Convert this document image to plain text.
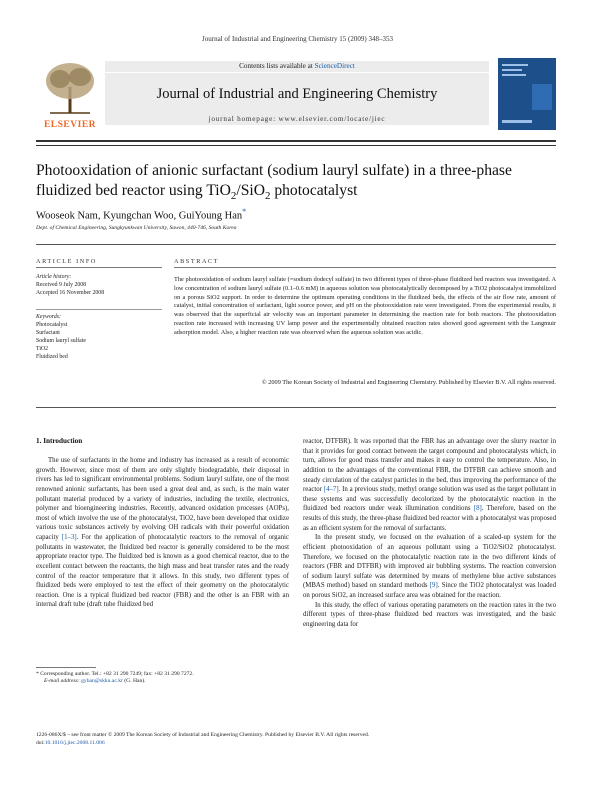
Journal of Industrial and Engineering Chemistry 15 (2009) 348–353
ELSEVIER
Contents lists available at ScienceDirect
Journal of Industrial and Engineering Chemistry
journal homepage: www.elsevier.com/locate/jiec
Photooxidation of anionic surfactant (sodium lauryl sulfate) in a three-phase
fluidized bed reactor using TiO$_2$/SiO$_2$ photocatalyst
Wooseok Nam, Kyungchan Woo, GuiYoung Han*
Dept. of Chemical Engineering, Sungkyunkwan University, Suwon, 440-746, South Korea
ARTICLE INFO
Article history:
Received 9 July 2008
Accepted 16 November 2008
Keywords:
Photocatalyst
Surfactant
Sodium lauryl sulfate
TiO2
Fluidized bed
ABSTRACT
The photooxidation of sodium lauryl sulfate (=sodium dodecyl sulfate) in two different types of three-phase fluidized bed reactors was investigated. A low concentration of sodium lauryl sulfate (0.1–0.6 mM) in aqueous solution was photocatalytically decomposed by a TiO2 photocatalyst immobilized on a porous SiO2 support. In order to determine the optimum operating conditions in the fluidized beds, the effects of the air flow rate, amount of catalyst, initial concentration of surfactant, light source power, and pH on the photooxidation rate were investigated. From the experimental results, it was observed that the superficial air velocity was an important parameter in determining the reaction rate for both reactors. The photooxidation reaction rate increased with increasing UV lamp power and the experimentally obtained reaction rates showed good agreement with the Langmuir adsorption model. Also, a higher reaction rate was observed when the aqueous solution was acidic.
© 2009 The Korean Society of Industrial and Engineering Chemistry. Published by Elsevier B.V. All rights reserved.
1. Introduction

The use of surfactants in the home and industry has increased as a result of economic growth. However, since most of them are only slightly biodegradable, their disposal in rivers has led to significant environmental problems. Sodium lauryl sulfate, one of the most renowned anionic surfactants, has been used a great deal and, as such, is the main water pollutant material produced by a variety of industries, including the textile, electronics, polymer and bioengineering industries. Recently, advanced oxidation processes (AOPs), most of which involve the use of the photocatalyst, TiO2, have been developed that oxidize various toxic substances actively by evolving OH radicals with their powerful oxidation capacity [1–3]. For the application of photocatalytic reactors to the removal of organic pollutants in wastewater, the fluidized bed reactor is generally considered to be the most appropriate reactor type. The fluidized bed is known as a good chemical reactor, due to the excellent contact between the reactants, the high mass and heat transfer rates and the ready control of the reactor temperature that it allows. In this study, two different types of fluidized beds were employed to test the effect of their geometry on the photocatalytic reaction. One is a typical fluidized bed reactor (FBR) and the other is an FBR with an internal draft tube (draft tube fluidized bed

reactor, DTFBR). It was reported that the FBR has an advantage over the slurry reactor in that it provides for good contact between the target compound and photocatalysts which, in turn, allows for good mass transfer and makes it easy to control the temperature. Also, in addition to the advantages of the conventional FBR, the DTFBR can achieve smooth and steady circulation of the catalyst particles in the bed, thus improving the performance of the reactor [4–7]. In a previous study, methyl orange solution was used as the target pollutant in these systems and was successfully decolorized by the photocatalytic reaction in the fluidized bed reactors under weak illumination conditions [8]. Therefore, based on the results of this study, the three-phase fluidized bed reactor with a photocatalyst was proposed as an efficient system for the removal of surfactants.

In the present study, we focused on the evaluation of a scaled-up system for the efficient photooxidation of an aqueous pollutant using a TiO2/SiO2 photocatalyst. Therefore, we focused on the photocatalytic reaction rate in the two different kinds of reactors (FBR and DTFBR) with improved air bubbling systems. The reaction conversion of sodium lauryl sulfate was determined by means of methylene blue active substances (MBAS method) based on standard methods [9]. Since the TiO2 photocatalyst was loaded on porous SiO2, an increased surface area was obtained for the reaction.

In this study, the effect of various operating parameters on the reaction rates in the two different types of three-phase fluidized bed reactors was investigated, and the basic engineering data for

* Corresponding author. Tel.: +82 31 290 7249; fax: +82 31 290 7272.
E-mail address: gyhan@skku.ac.kr (G. Han).
1226-086X/$ – see front matter © 2009 The Korean Society of Industrial and Engineering Chemistry. Published by Elsevier B.V. All rights reserved.
doi:10.1016/j.jiec.2008.11.006
